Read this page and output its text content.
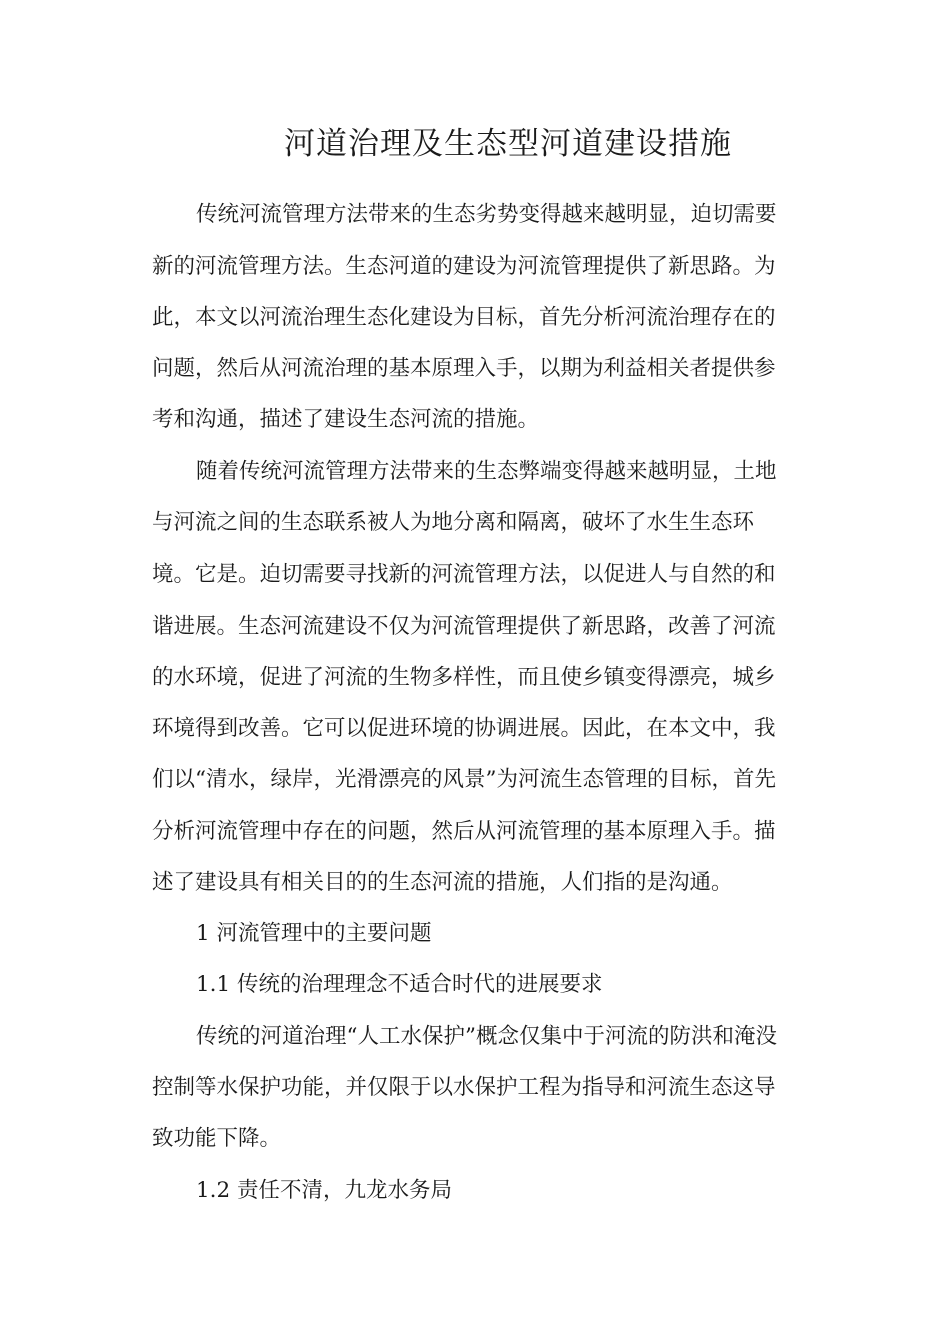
河道治理及生态型河道建设措施

传统河流管理方法带来的生态劣势变得越来越明显，迫切需要

新的河流管理方法。生态河道的建设为河流管理提供了新思路。为

此，本文以河流治理生态化建设为目标，首先分析河流治理存在的

问题，然后从河流治理的基本原理入手，以期为利益相关者提供参

考和沟通，描述了建设生态河流的措施。

随着传统河流管理方法带来的生态弊端变得越来越明显，土地

与河流之间的生态联系被人为地分离和隔离，破坏了水生生态环

境。它是。迫切需要寻找新的河流管理方法，以促进人与自然的和

谐进展。生态河流建设不仅为河流管理提供了新思路，改善了河流

的水环境，促进了河流的生物多样性，而且使乡镇变得漂亮，城乡

环境得到改善。它可以促进环境的协调进展。因此，在本文中，我

们以“清水，绿岸，光滑漂亮的风景”为河流生态管理的目标，首先

分析河流管理中存在的问题，然后从河流管理的基本原理入手。描

述了建设具有相关目的的生态河流的措施，人们指的是沟通。

1 河流管理中的主要问题

1.1 传统的治理理念不适合时代的进展要求

传统的河道治理“人工水保护”概念仅集中于河流的防洪和淹没

控制等水保护功能，并仅限于以水保护工程为指导和河流生态这导

致功能下降。

1.2 责任不清，九龙水务局
